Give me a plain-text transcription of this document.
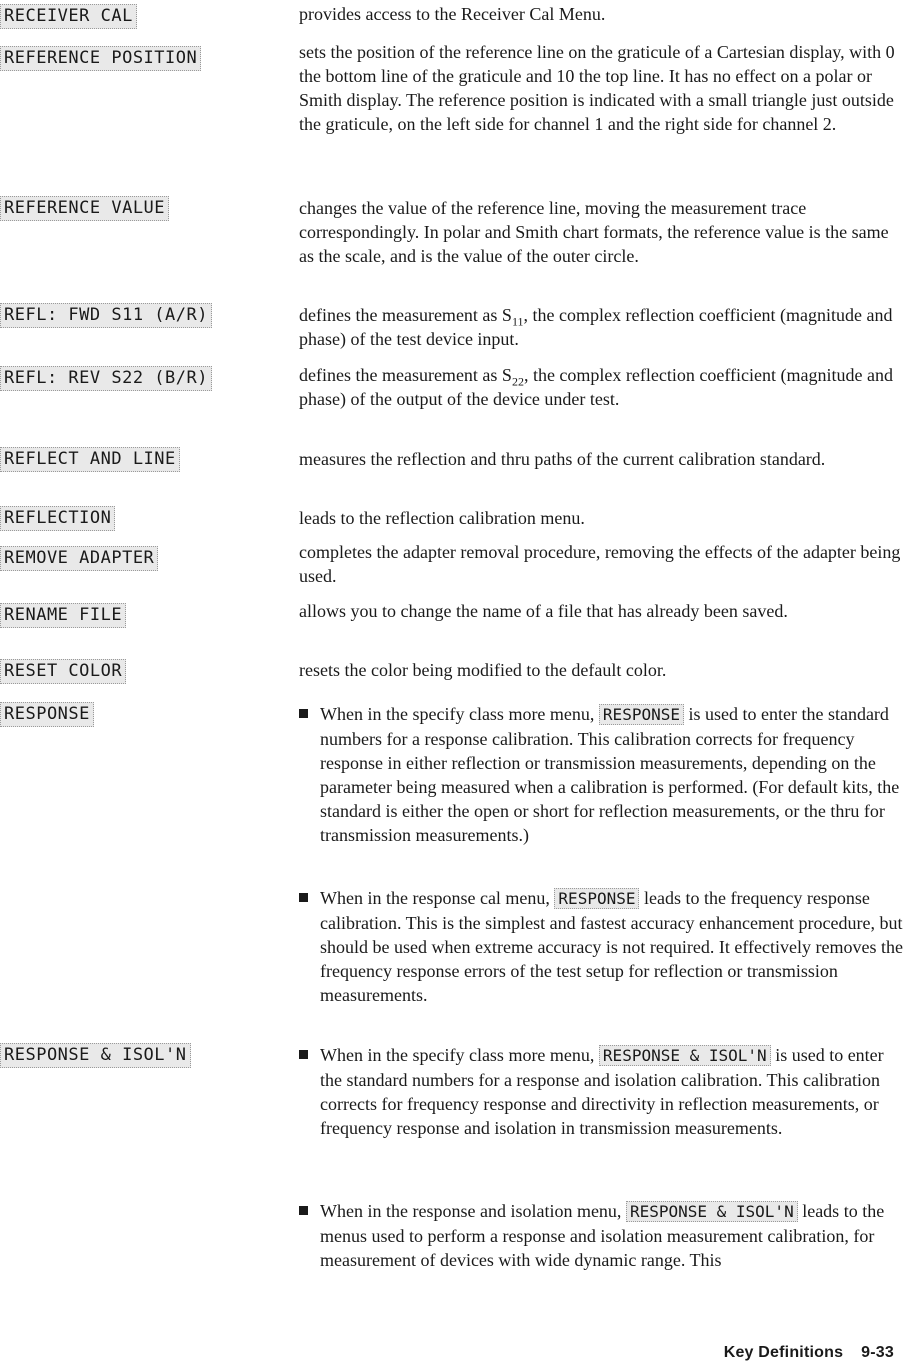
RECEIVER CAL	provides access to the Receiver Cal Menu.

REFERENCE POSITION	sets the position of the reference line on the graticule of a Cartesian display, with 0 the bottom line of the graticule and 10 the top line. It has no effect on a polar or Smith display. The reference position is indicated with a small triangle just outside the graticule, on the left side for channel 1 and the right side for channel 2.

REFERENCE VALUE	changes the value of the reference line, moving the measurement trace correspondingly. In polar and Smith chart formats, the reference value is the same as the scale, and is the value of the outer circle.

REFL: FWD S11 (A/R)	defines the measurement as $S_{11}$, the complex reflection coefficient (magnitude and phase) of the test device input.

REFL: REV S22 (B/R)	defines the measurement as $S_{22}$, the complex reflection coefficient (magnitude and phase) of the output of the device under test.

REFLECT AND LINE	measures the reflection and thru paths of the current calibration standard.

REFLECTION	leads to the reflection calibration menu.

REMOVE ADAPTER	completes the adapter removal procedure, removing the effects of the adapter being used.

RENAME FILE	allows you to change the name of a file that has already been saved.

RESET COLOR	resets the color being modified to the default color.

RESPONSE	When in the specify class more menu, RESPONSE is used to enter the standard numbers for a response calibration. This calibration corrects for frequency response in either reflection or transmission measurements, depending on the parameter being measured when a calibration is performed. (For default kits, the standard is either the open or short for reflection measurements, or the thru for transmission measurements.)
When in the response cal menu, RESPONSE leads to the frequency response calibration. This is the simplest and fastest accuracy enhancement procedure, but should be used when extreme accuracy is not required. It effectively removes the frequency response errors of the test setup for reflection or transmission measurements.
RESPONSE & ISOL'N	When in the specify class more menu, RESPONSE & ISOL'N is used to enter the standard numbers for a response and isolation calibration. This calibration corrects for frequency response and directivity in reflection measurements, or frequency response and isolation in transmission measurements.
When in the response and isolation menu, RESPONSE & ISOL'N leads to the menus used to perform a response and isolation measurement calibration, for measurement of devices with wide dynamic range. This
Key Definitions 9-33
